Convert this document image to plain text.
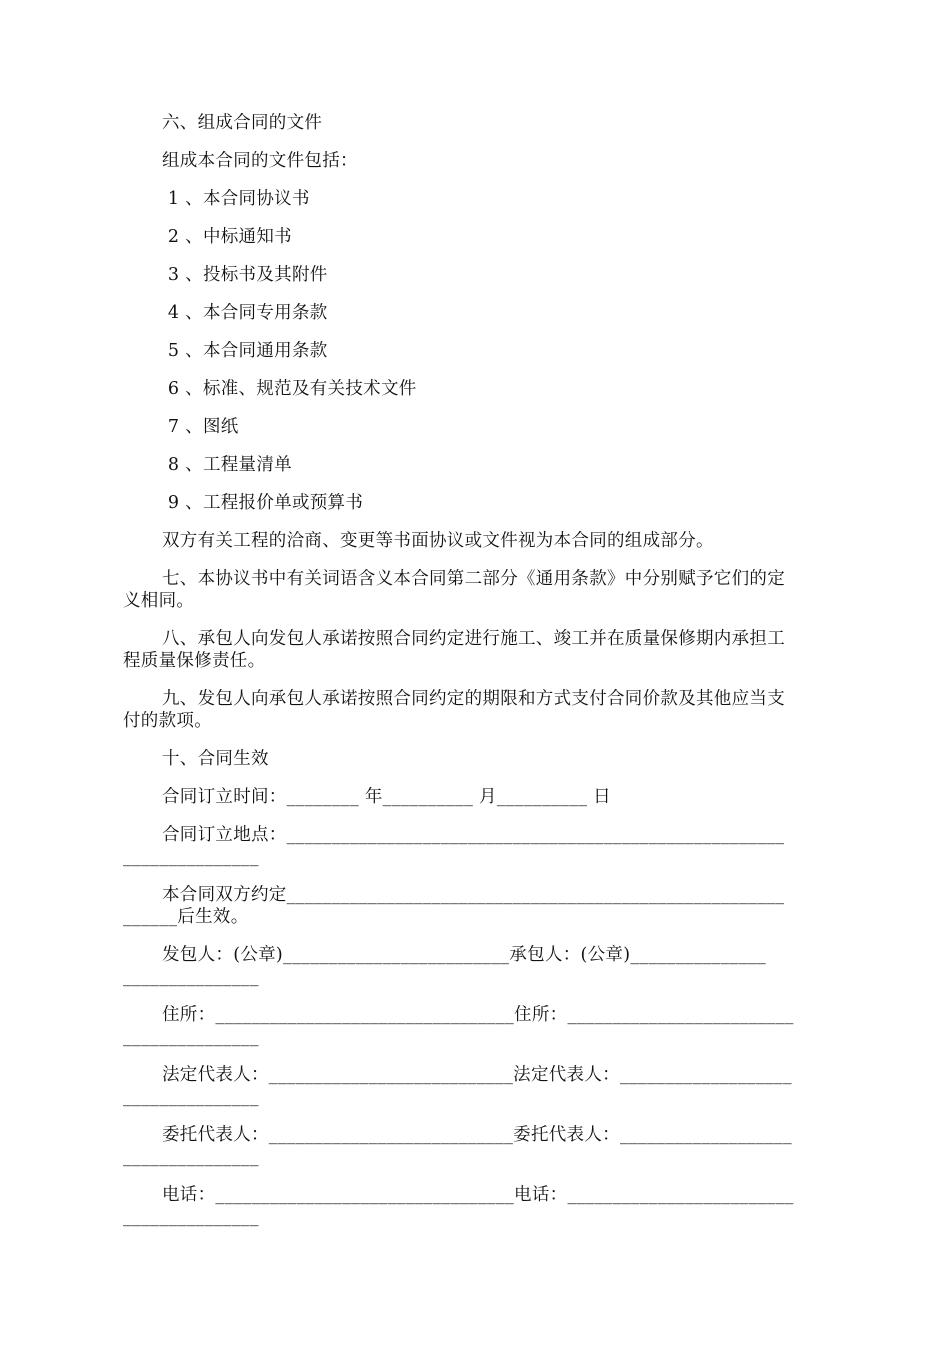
六、组成合同的文件

组成本合同的文件包括：

1 、本合同协议书

2 、中标通知书

3 、投标书及其附件

4 、本合同专用条款

5 、本合同通用条款

6 、标准、规范及有关技术文件

7 、图纸

8 、工程量清单

9 、工程报价单或预算书

双方有关工程的洽商、变更等书面协议或文件视为本合同的组成部分。

七、本协议书中有关词语含义本合同第二部分《通用条款》中分别赋予它们的定义相同。

八、承包人向发包人承诺按照合同约定进行施工、竣工并在质量保修期内承担工程质量保修责任。

九、发包人向承包人承诺按照合同约定的期限和方式支付合同价款及其他应当支付的款项。

十、合同生效

合同订立时间：________ 年__________ 月__________ 日

合同订立地点：_______________________________________________________

_______________

本合同双方约定_______________________________________________________

______后生效。

发包人：(公章)_________________________承包人：(公章)_______________

_______________

住所：_________________________________住所：_________________________

_______________

法定代表人：___________________________法定代表人：___________________

_______________

委托代表人：___________________________委托代表人：___________________

_______________

电话：_________________________________电话：_________________________

_______________
